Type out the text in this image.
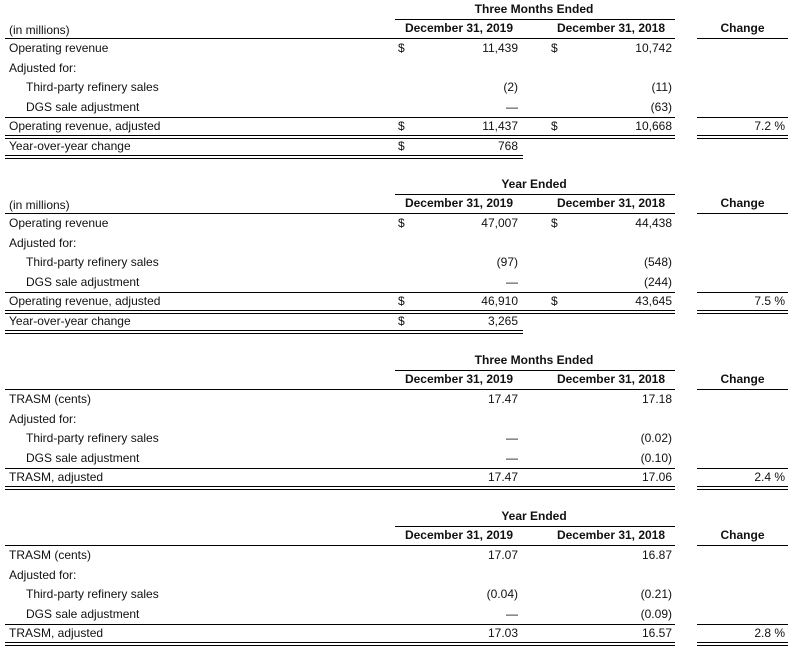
Three Months Ended
December 31, 2019	December 31, 2018	Change
(in millions)
Operating revenue	$	11,439	$	10,742
Adjusted for:
Third-party refinery sales	(2)	(11)
DGS sale adjustment	—	(63)
Operating revenue, adjusted	$	11,437	$	10,668	7.2 %
Year-over-year change	$	768
Year Ended
December 31, 2019	December 31, 2018	Change
(in millions)
Operating revenue	$	47,007	$	44,438
Adjusted for:
Third-party refinery sales	(97)	(548)
DGS sale adjustment	—	(244)
Operating revenue, adjusted	$	46,910	$	43,645	7.5 %
Year-over-year change	$	3,265
Three Months Ended
December 31, 2019	December 31, 2018	Change
TRASM (cents)	17.47	17.18
Adjusted for:
Third-party refinery sales	—	(0.02)
DGS sale adjustment	—	(0.10)
TRASM, adjusted	17.47	17.06	2.4 %
Year Ended
December 31, 2019	December 31, 2018	Change
TRASM (cents)	17.07	16.87
Adjusted for:
Third-party refinery sales	(0.04)	(0.21)
DGS sale adjustment	—	(0.09)
TRASM, adjusted	17.03	16.57	2.8 %
